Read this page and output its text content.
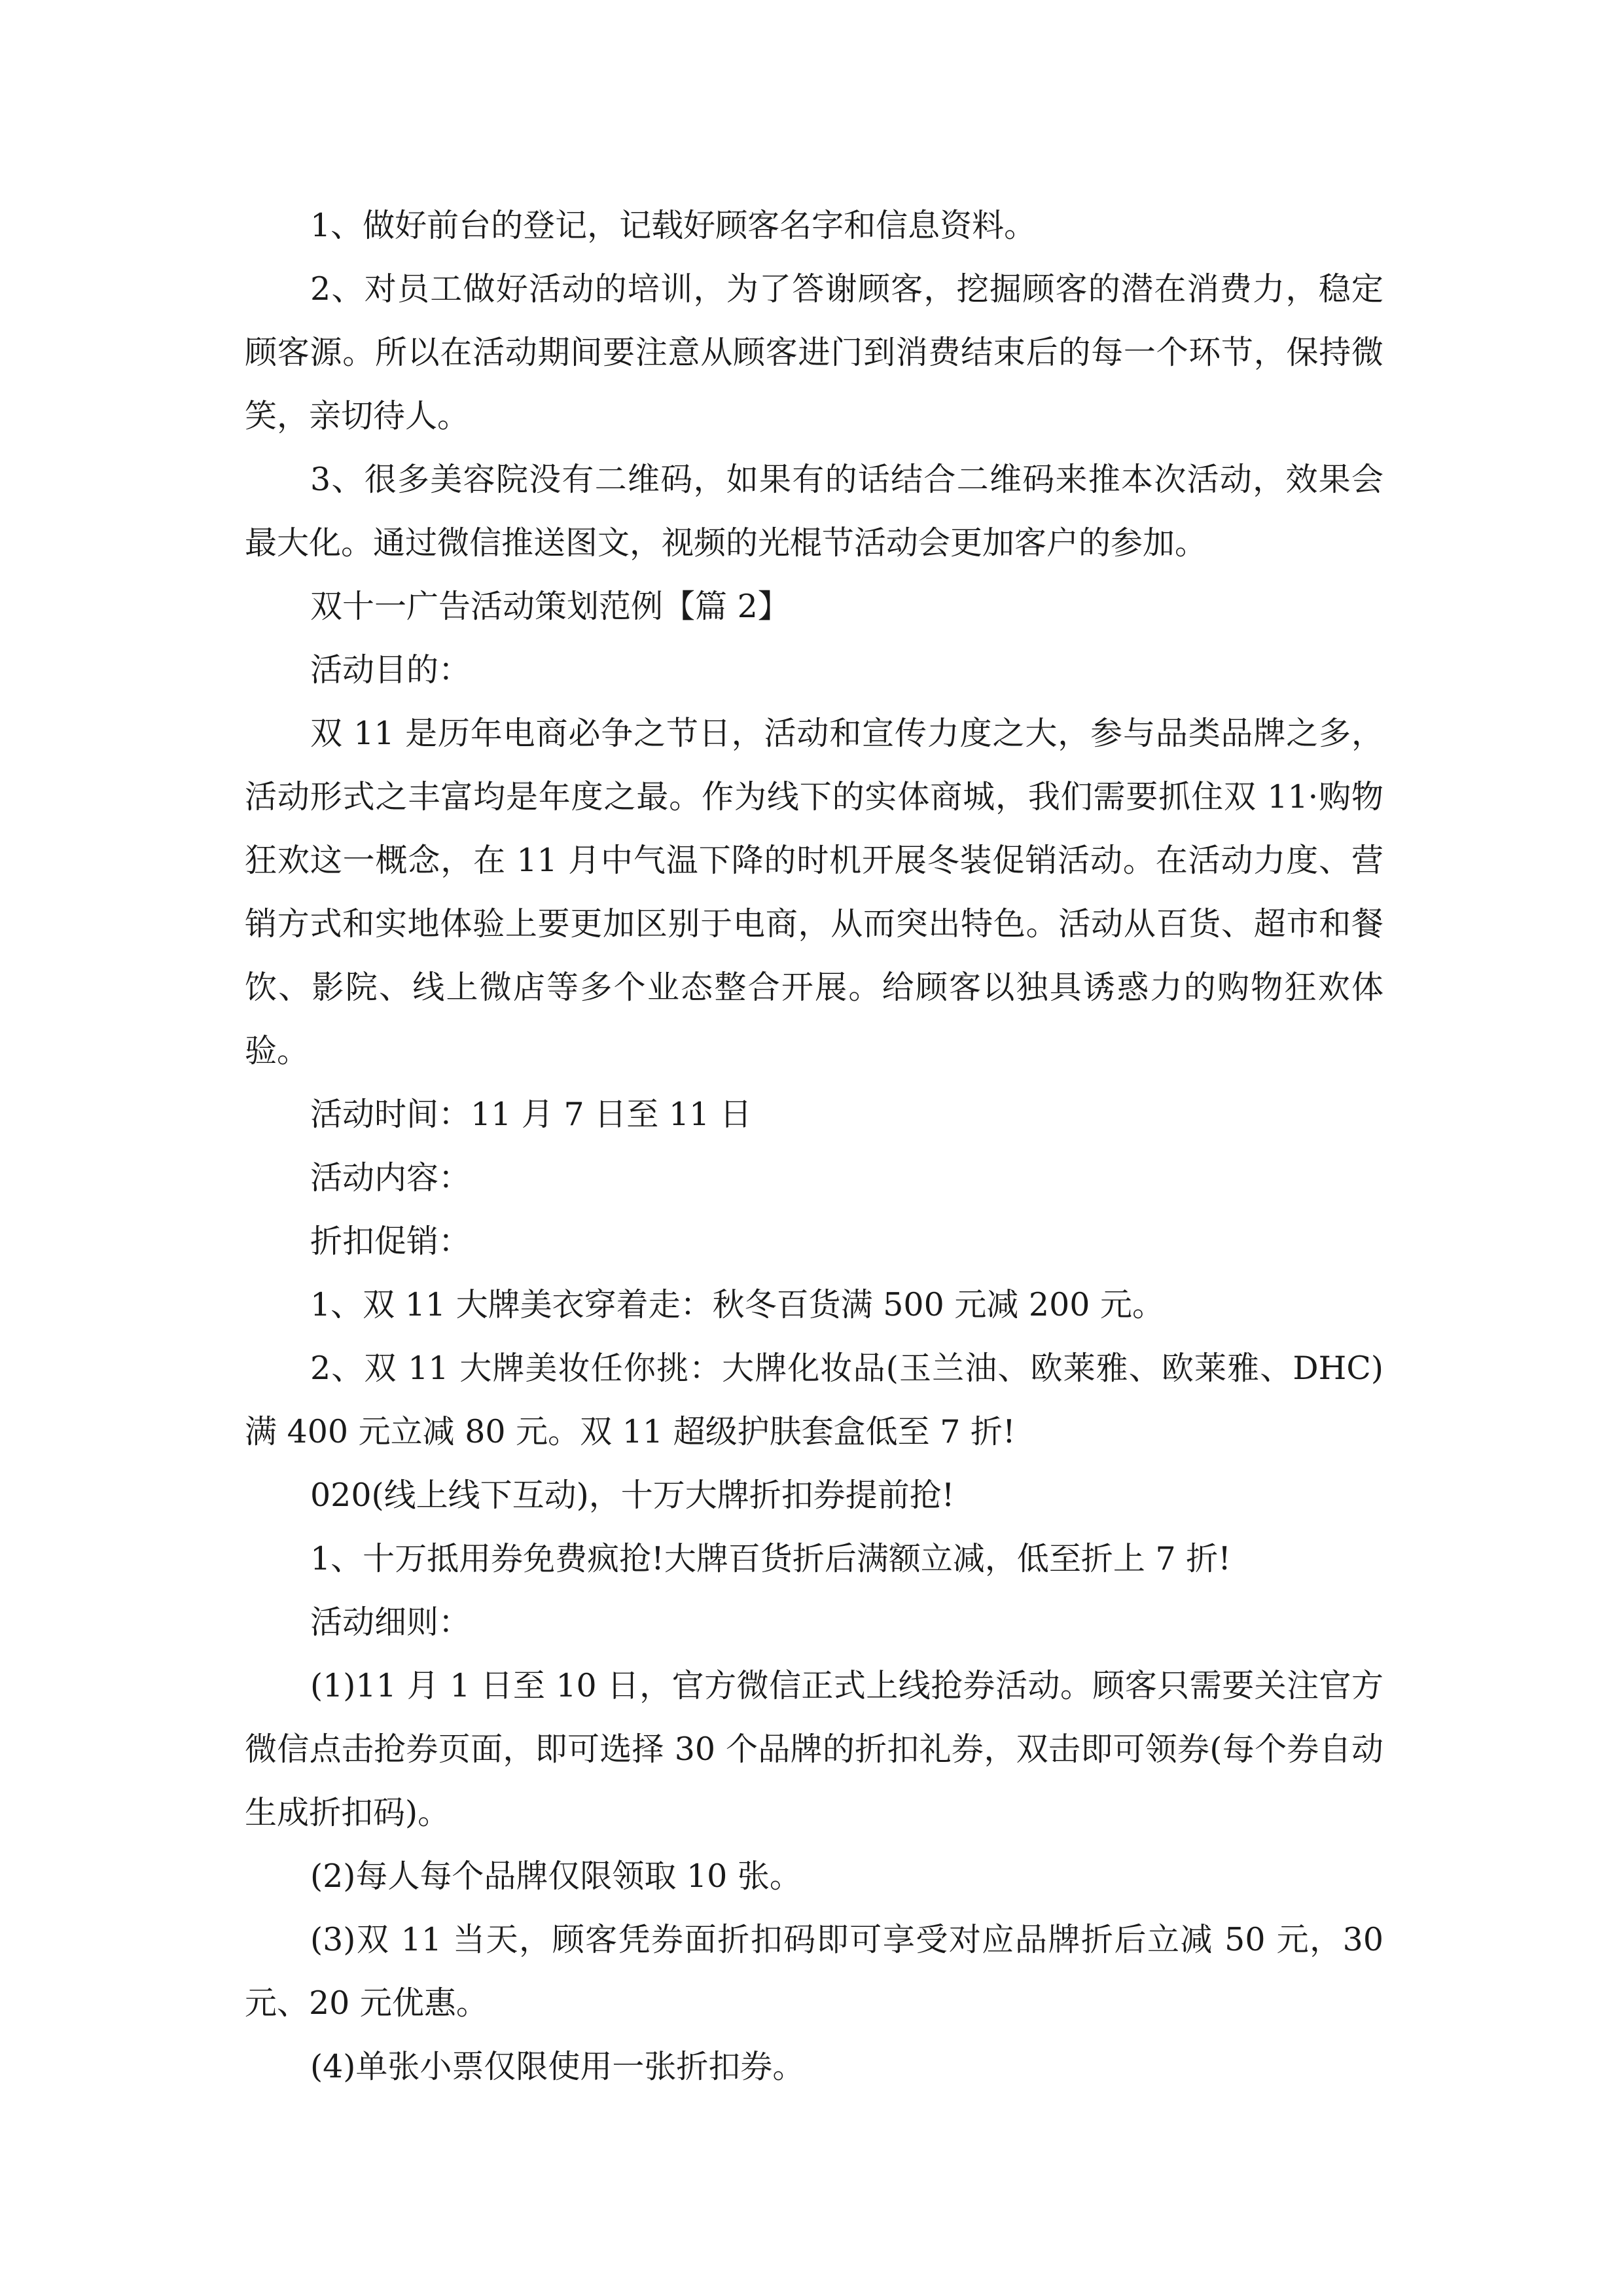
1、做好前台的登记，记载好顾客名字和信息资料。

2、对员工做好活动的培训，为了答谢顾客，挖掘顾客的潜在消费力，稳定顾客源。所以在活动期间要注意从顾客进门到消费结束后的每一个环节，保持微笑，亲切待人。

3、很多美容院没有二维码，如果有的话结合二维码来推本次活动，效果会最大化。通过微信推送图文，视频的光棍节活动会更加客户的参加。

双十一广告活动策划范例【篇 2】

活动目的：

双 11 是历年电商必争之节日，活动和宣传力度之大，参与品类品牌之多，活动形式之丰富均是年度之最。作为线下的实体商城，我们需要抓住双 11·购物狂欢这一概念，在 11 月中气温下降的时机开展冬装促销活动。在活动力度、营销方式和实地体验上要更加区别于电商，从而突出特色。活动从百货、超市和餐饮、影院、线上微店等多个业态整合开展。给顾客以独具诱惑力的购物狂欢体验。

活动时间：11 月 7 日至 11 日

活动内容：

折扣促销：

1、双 11 大牌美衣穿着走：秋冬百货满 500 元减 200 元。

2、双 11 大牌美妆任你挑：大牌化妆品(玉兰油、欧莱雅、欧莱雅、DHC)满 400 元立减 80 元。双 11 超级护肤套盒低至 7 折!

020(线上线下互动)，十万大牌折扣券提前抢!

1、十万抵用券免费疯抢!大牌百货折后满额立减，低至折上 7 折!

活动细则：

(1)11 月 1 日至 10 日，官方微信正式上线抢券活动。顾客只需要关注官方微信点击抢券页面，即可选择 30 个品牌的折扣礼券，双击即可领券(每个券自动生成折扣码)。

(2)每人每个品牌仅限领取 10 张。

(3)双 11 当天，顾客凭券面折扣码即可享受对应品牌折后立减 50 元，30 元、20 元优惠。

(4)单张小票仅限使用一张折扣券。
